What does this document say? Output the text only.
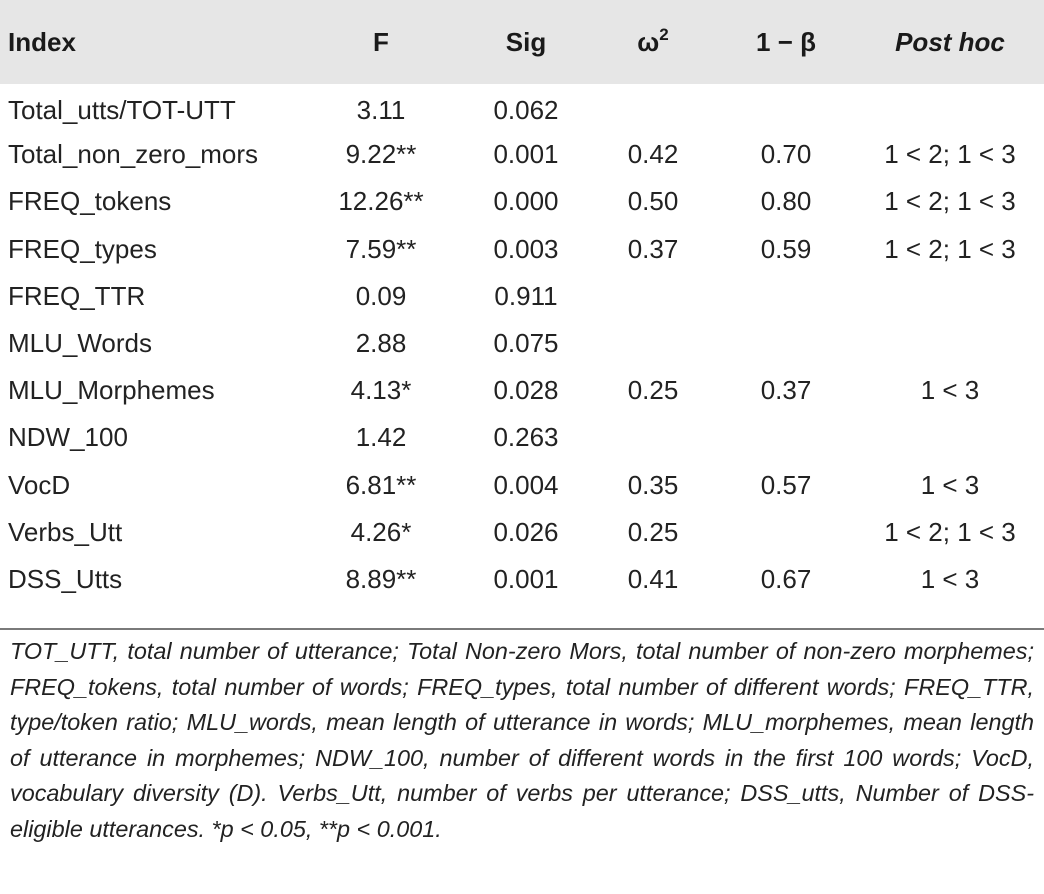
Index	F	Sig	$\omega^2$	1 − β	Post hoc
Total_utts/TOT-UTT	3.11	0.062			
Total_non_zero_mors	9.22**	0.001	0.42	0.70	1 < 2; 1 < 3
FREQ_tokens	12.26**	0.000	0.50	0.80	1 < 2; 1 < 3
FREQ_types	7.59**	0.003	0.37	0.59	1 < 2; 1 < 3
FREQ_TTR	0.09	0.911			
MLU_Words	2.88	0.075			
MLU_Morphemes	4.13*	0.028	0.25	0.37	1 < 3
NDW_100	1.42	0.263			
VocD	6.81**	0.004	0.35	0.57	1 < 3
Verbs_Utt	4.26*	0.026	0.25		1 < 2; 1 < 3
DSS_Utts	8.89**	0.001	0.41	0.67	1 < 3

TOT_UTT, total number of utterance; Total Non-zero Mors, total number of non-zero morphemes; FREQ_tokens, total number of words; FREQ_types, total number of different words; FREQ_TTR, type/token ratio; MLU_words, mean length of utterance in words; MLU_morphemes, mean length of utterance in morphemes; NDW_100, number of different words in the first 100 words; VocD, vocabulary diversity (D). Verbs_Utt, number of verbs per utterance; DSS_utts, Number of DSS-eligible utterances. *p < 0.05, **p < 0.001.
